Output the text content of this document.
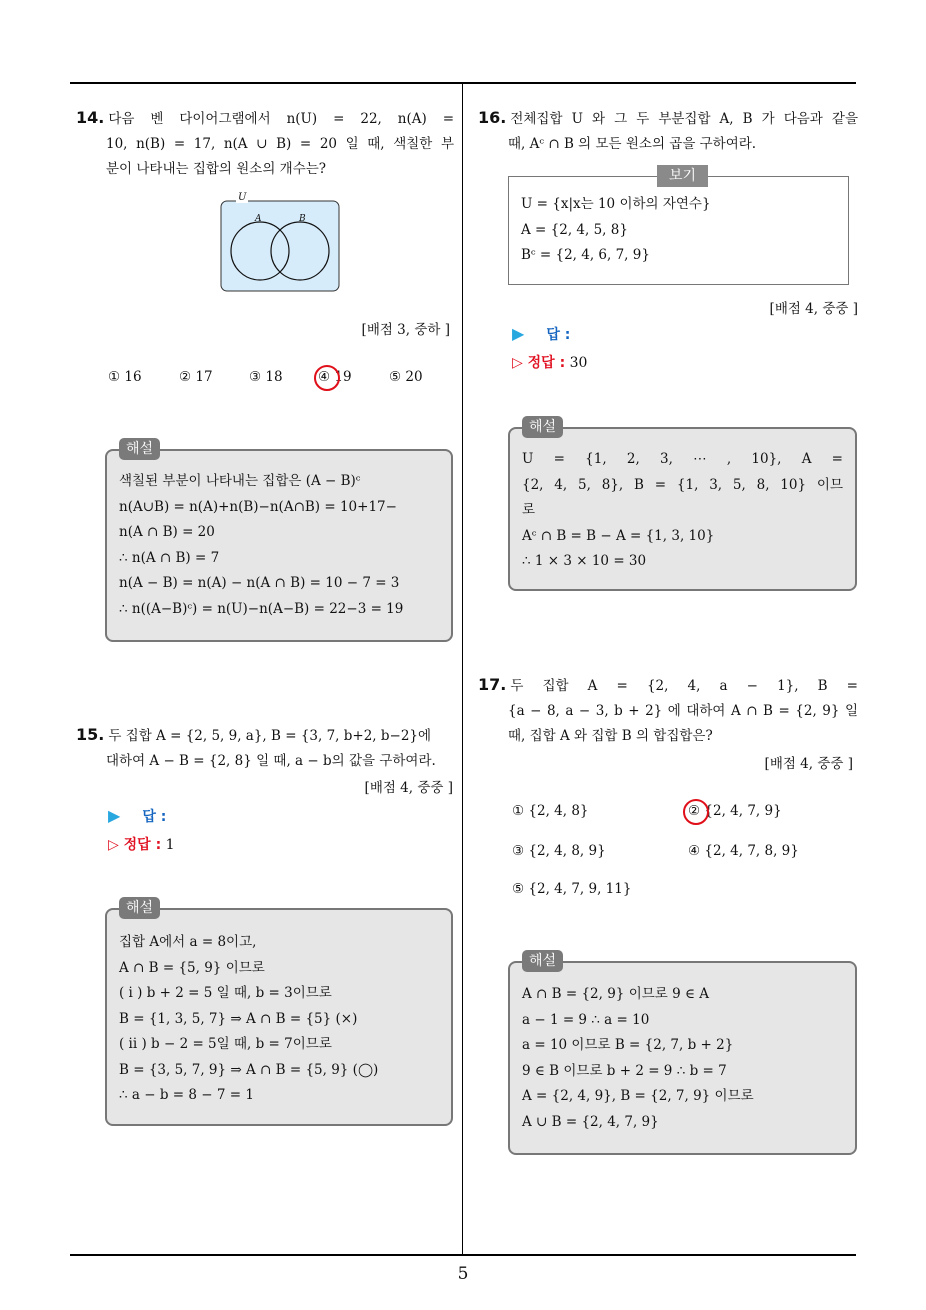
5
14. 다음 벤 다이어그램에서 n(U) = 22, n(A) =
10, n(B) = 17, n(A ∪ B) = 20 일 때, 색칠한 부
분이 나타내는 집합의 원소의 개수는?
U
A	B
[배점 3, 중하 ]
① 16	② 17	③ 18	④ 19	⑤ 20
해설
색칠된 부분이 나타내는 집합은 (A − B)ᶜ
n(A∪B) = n(A)+n(B)−n(A∩B) = 10+17−
n(A ∩ B) = 20
∴ n(A ∩ B) = 7
n(A − B) = n(A) − n(A ∩ B) = 10 − 7 = 3
∴ n((A−B)ᶜ) = n(U)−n(A−B) = 22−3 = 19
15. 두 집합 A = {2, 5, 9, a}, B = {3, 7, b+2, b−2}에
대하여 A − B = {2, 8} 일 때, a − b의 값을 구하여라.
[배점 4, 중중 ]
▶ 답 :
▷ 정답 : 1
해설
집합 A에서 a = 8이고,
A ∩ B = {5, 9} 이므로
( i ) b + 2 = 5 일 때, b = 3이므로
B = {1, 3, 5, 7} ⇒ A ∩ B = {5} (×)
( ii ) b − 2 = 5일 때, b = 7이므로
B = {3, 5, 7, 9} ⇒ A ∩ B = {5, 9} (◯)
∴ a − b = 8 − 7 = 1
16. 전체집합 U 와 그 두 부분집합 A, B 가 다음과 같을
때, Aᶜ ∩ B 의 모든 원소의 곱을 구하여라.
보기
U = {x|x는 10 이하의 자연수}
A = {2, 4, 5, 8}
Bᶜ = {2, 4, 6, 7, 9}
[배점 4, 중중 ]
▶ 답 :
▷ 정답 : 30
해설
U = {1, 2, 3, ⋯ , 10}, A =
{2, 4, 5, 8}, B = {1, 3, 5, 8, 10} 이므
로
Aᶜ ∩ B = B − A = {1, 3, 10}
∴ 1 × 3 × 10 = 30
17. 두 집합 A = {2, 4, a − 1}, B =
{a − 8, a − 3, b + 2} 에 대하여 A ∩ B = {2, 9} 일
때, 집합 A 와 집합 B 의 합집합은?
[배점 4, 중중 ]
① {2, 4, 8}	② {2, 4, 7, 9}
③ {2, 4, 8, 9}	④ {2, 4, 7, 8, 9}
⑤ {2, 4, 7, 9, 11}
해설
A ∩ B = {2, 9} 이므로 9 ∈ A
a − 1 = 9 ∴ a = 10
a = 10 이므로 B = {2, 7, b + 2}
9 ∈ B 이므로 b + 2 = 9 ∴ b = 7
A = {2, 4, 9}, B = {2, 7, 9} 이므로
A ∪ B = {2, 4, 7, 9}
